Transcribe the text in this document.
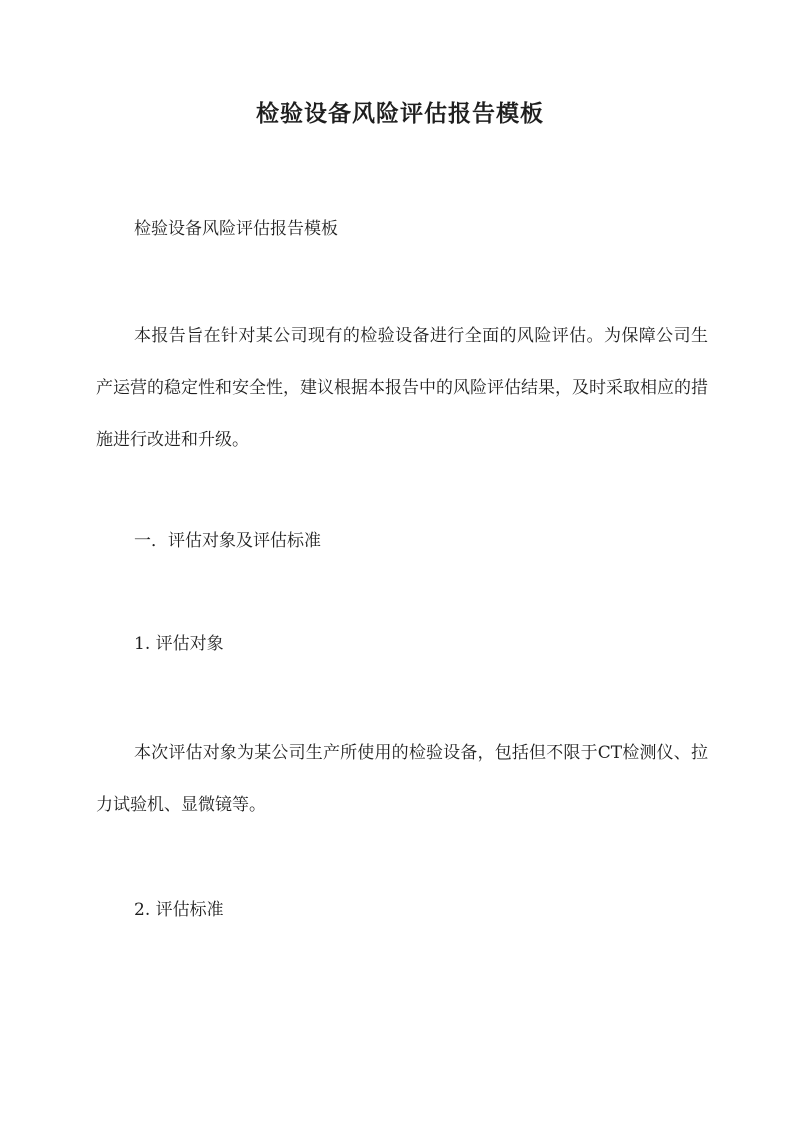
检验设备风险评估报告模板

检验设备风险评估报告模板

本报告旨在针对某公司现有的检验设备进行全面的风险评估。为保障公司生产运营的稳定性和安全性，建议根据本报告中的风险评估结果，及时采取相应的措施进行改进和升级。

一．评估对象及评估标准

1. 评估对象

本次评估对象为某公司生产所使用的检验设备，包括但不限于CT检测仪、拉力试验机、显微镜等。

2. 评估标准
